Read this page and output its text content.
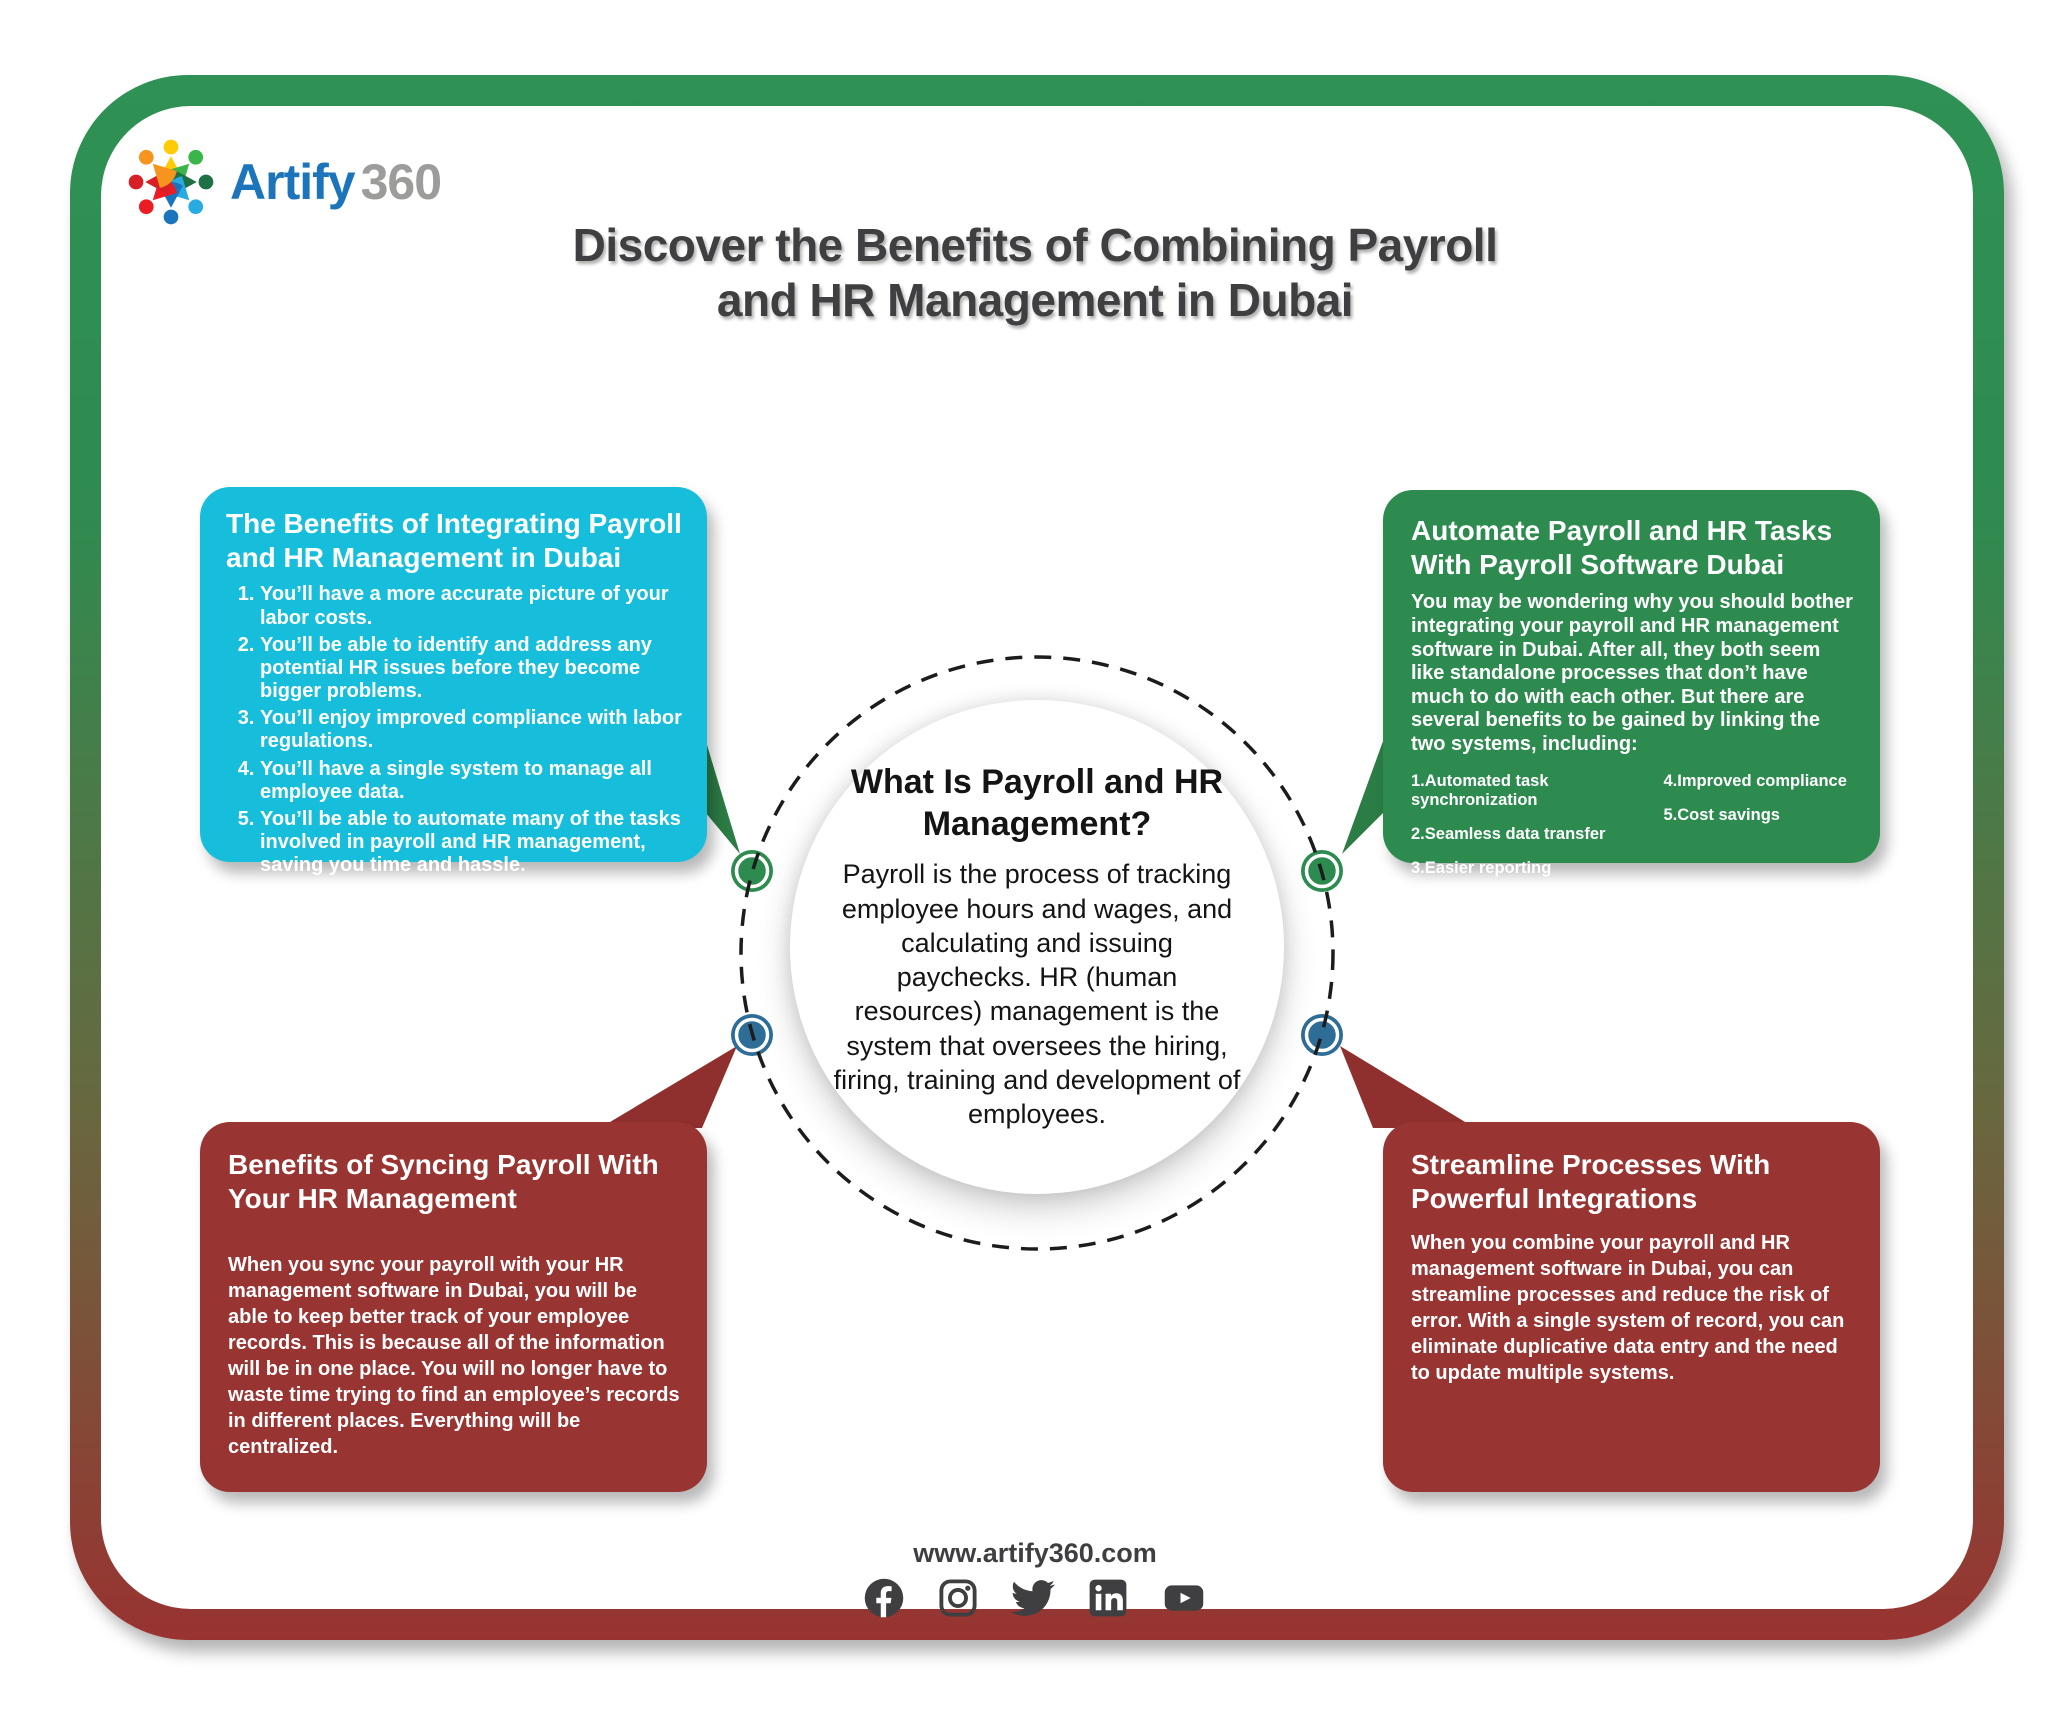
Artify 360
Discover the Benefits of Combining Payroll
and HR Management in Dubai
What Is Payroll and HR Management?
Payroll is the process of tracking employee hours and wages, and calculating and issuing paychecks. HR (human resources) management is the system that oversees the hiring, firing, training and development of employees.
The Benefits of Integrating Payroll and HR Management in Dubai
1. You’ll have a more accurate picture of your labor costs.
2. You’ll be able to identify and address any potential HR issues before they become bigger problems.
3. You’ll enjoy improved compliance with labor regulations.
4. You’ll have a single system to manage all employee data.
5. You’ll be able to automate many of the tasks involved in payroll and HR management, saving you time and hassle.
Automate Payroll and HR Tasks With Payroll Software Dubai

You may be wondering why you should bother integrating your payroll and HR management software in Dubai. After all, they both seem like standalone processes that don’t have much to do with each other. But there are several benefits to be gained by linking the two systems, including:

1.Automated task synchronization
2.Seamless data transfer
3.Easier reporting
4.Improved compliance
5.Cost savings
Benefits of Syncing Payroll With Your HR Management

When you sync your payroll with your HR management software in Dubai, you will be able to keep better track of your employee records. This is because all of the information will be in one place. You will no longer have to waste time trying to find an employee’s records in different places. Everything will be centralized.

Streamline Processes With Powerful Integrations

When you combine your payroll and HR management software in Dubai, you can streamline processes and reduce the risk of error. With a single system of record, you can eliminate duplicative data entry and the need to update multiple systems.

www.artify360.com
